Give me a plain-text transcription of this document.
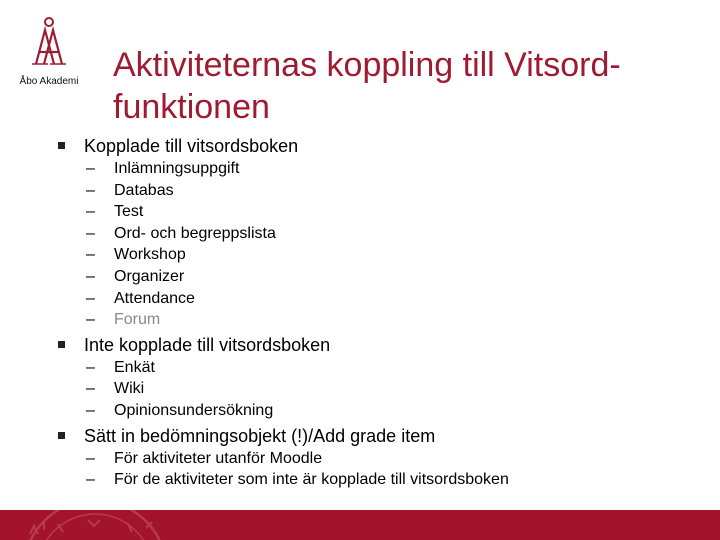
Åbo Akademi Aktiviteternas koppling till Vitsord-funktionen
Kopplade till vitsordsboken
–	Inlämningsuppgift
–	Databas
–	Test
–	Ord- och begreppslista
–	Workshop
–	Organizer
–	Attendance
–	Forum
Inte kopplade till vitsordsboken
–	Enkät
–	Wiki
–	Opinionsundersökning
Sätt in bedömningsobjekt (!)/Add grade item
–	För aktiviteter utanför Moodle
–	För de aktiviteter som inte är kopplade till vitsordsboken
